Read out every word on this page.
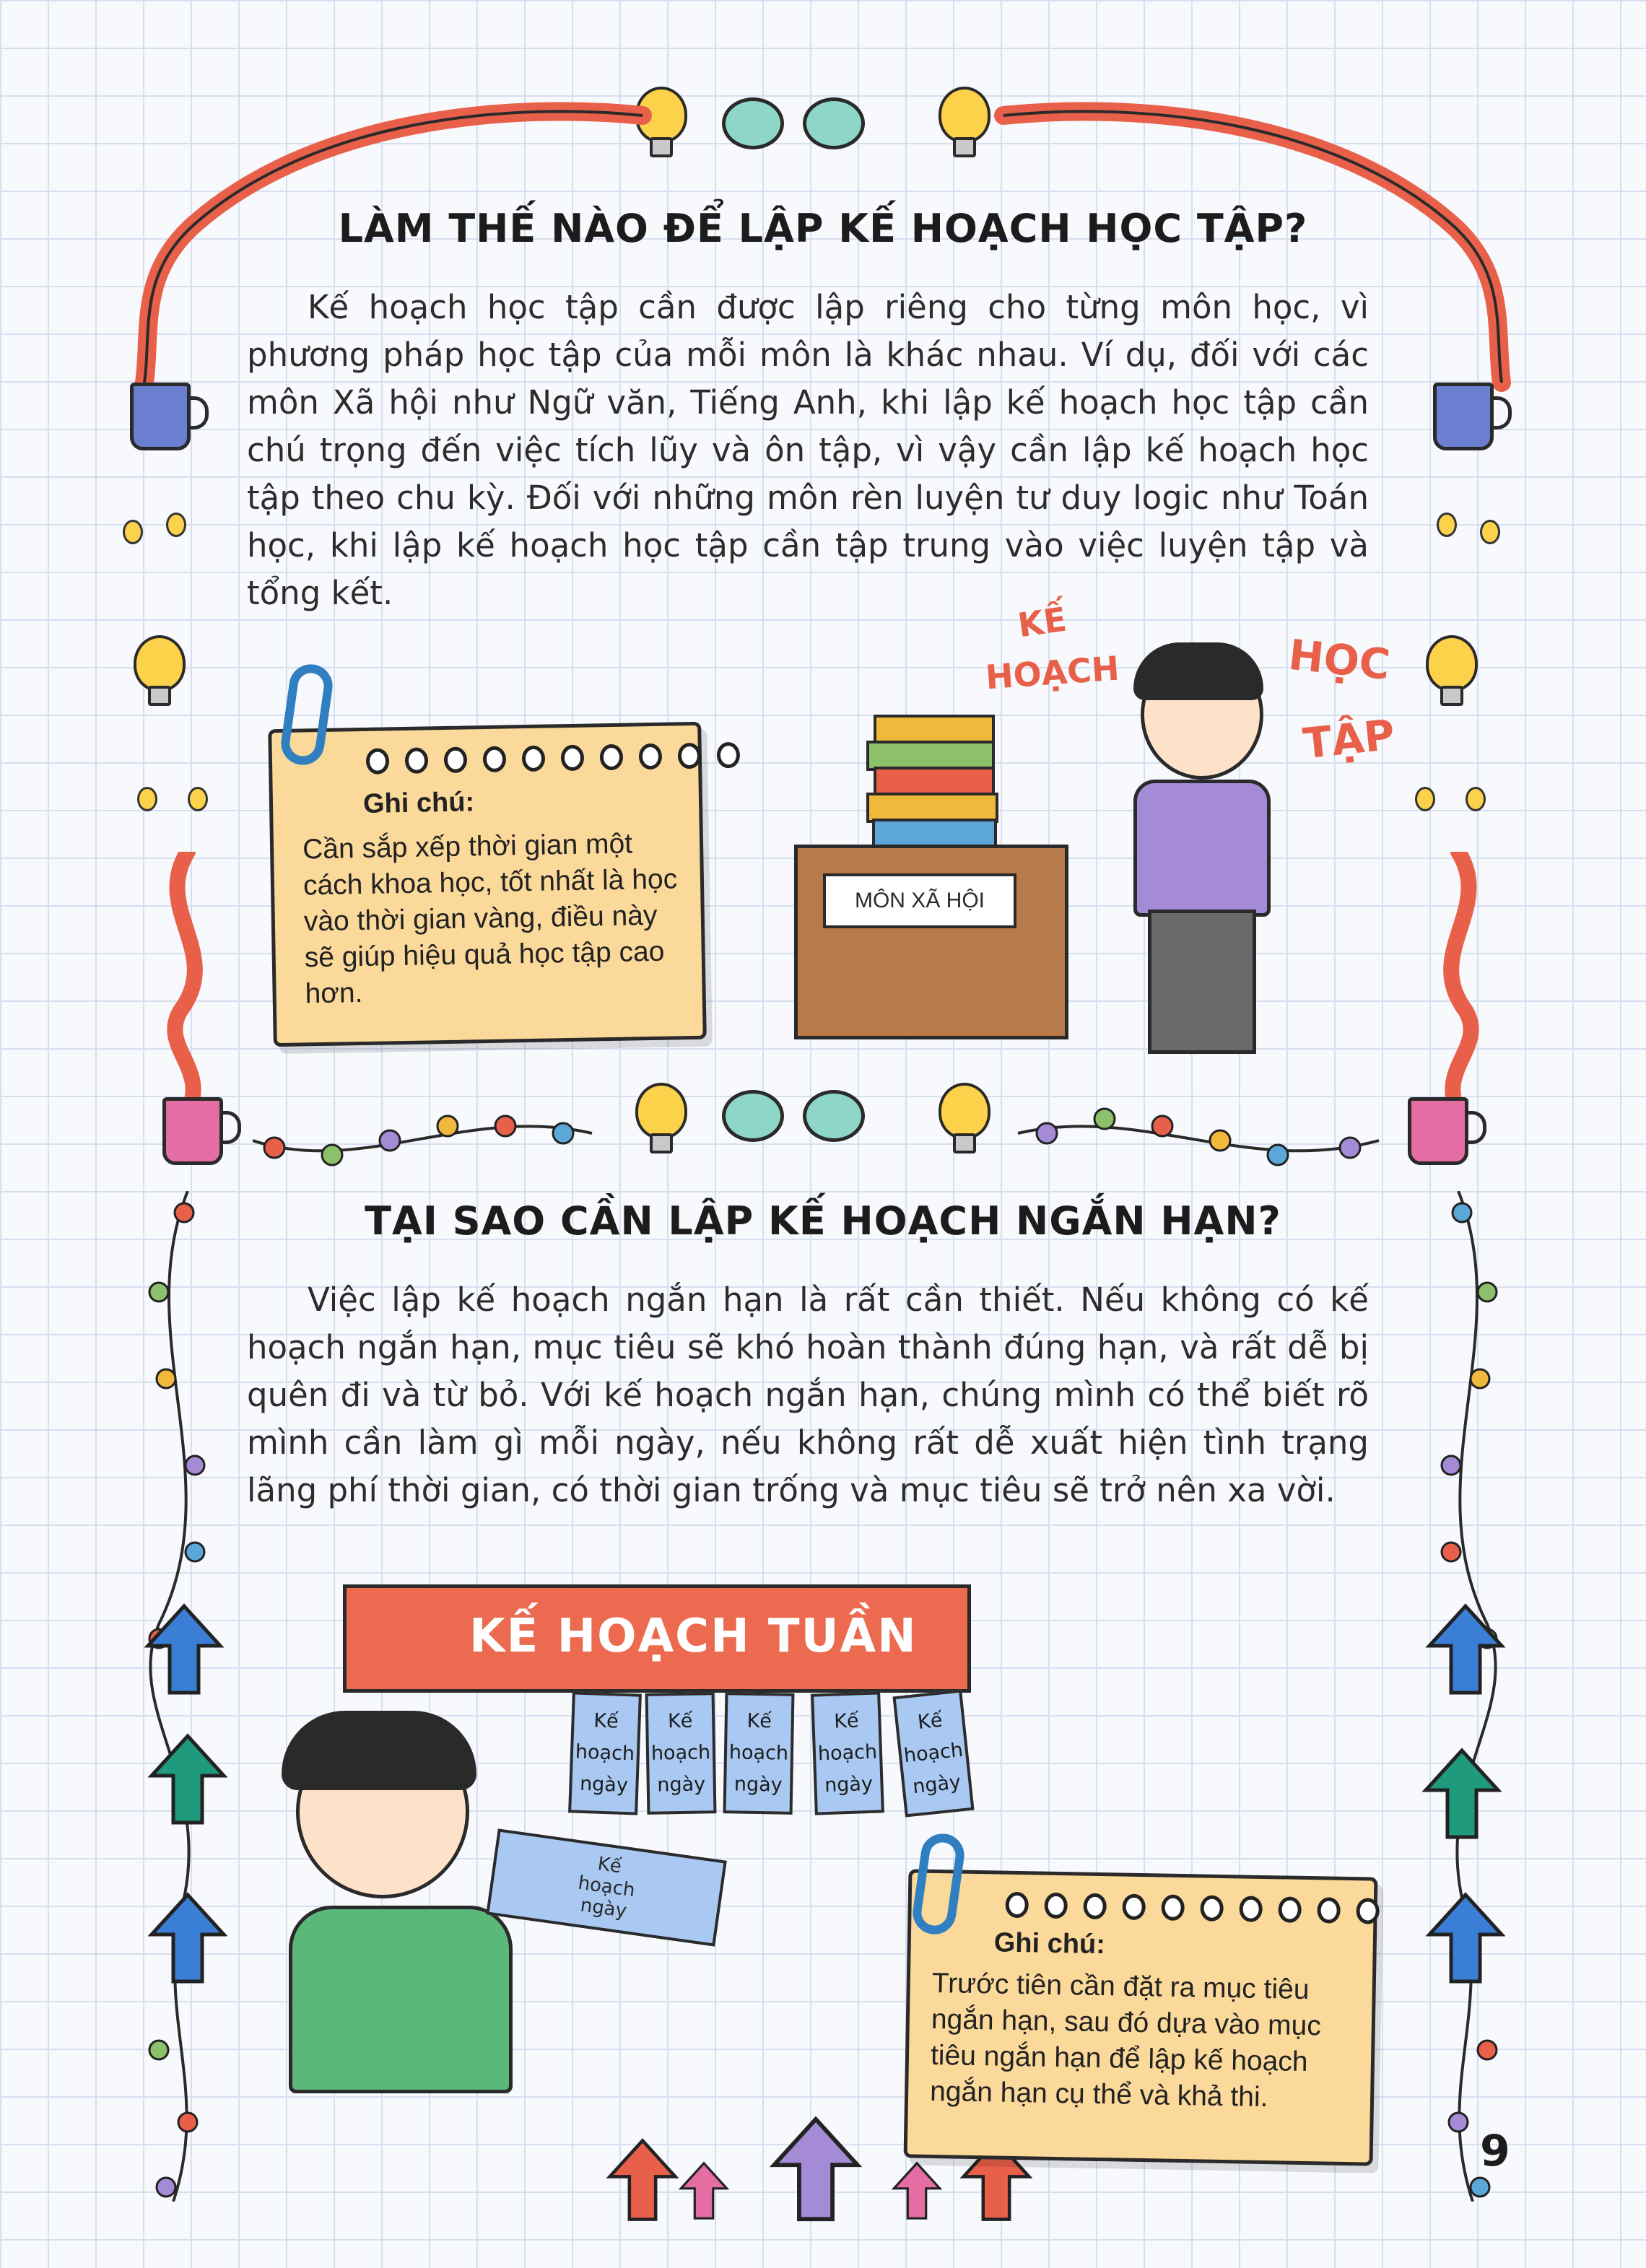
LÀM THẾ NÀO ĐỂ LẬP KẾ HOẠCH HỌC TẬP?
Kế hoạch học tập cần được lập riêng cho từng môn học, vì phương pháp học tập của mỗi môn là khác nhau. Ví dụ, đối với các môn Xã hội như Ngữ văn, Tiếng Anh, khi lập kế hoạch học tập cần chú trọng đến việc tích lũy và ôn tập, vì vậy cần lập kế hoạch học tập theo chu kỳ. Đối với những môn rèn luyện tư duy logic như Toán học, khi lập kế hoạch học tập cần tập trung vào việc luyện tập và tổng kết.
Ghi chú:
Cần sắp xếp thời gian một cách khoa học, tốt nhất là học vào thời gian vàng, điều này sẽ giúp hiệu quả học tập cao hơn.
MÔN XÃ HỘI
KẾ
HOẠCH	HỌC
TẬP
TẠI SAO CẦN LẬP KẾ HOẠCH NGẮN HẠN?
Việc lập kế hoạch ngắn hạn là rất cần thiết. Nếu không có kế hoạch ngắn hạn, mục tiêu sẽ khó hoàn thành đúng hạn, và rất dễ bị quên đi và từ bỏ. Với kế hoạch ngắn hạn, chúng mình có thể biết rõ mình cần làm gì mỗi ngày, nếu không rất dễ xuất hiện tình trạng lãng phí thời gian, có thời gian trống và mục tiêu sẽ trở nên xa vời.
KẾ HOẠCH TUẦN
Kế
hoạch
ngày
Kế
hoạch
ngày
Kế
hoạch
ngày
Kế
hoạch
ngày
Kế
hoạch
ngày
Kế
hoạch
ngày
Ghi chú:
Trước tiên cần đặt ra mục tiêu ngắn hạn, sau đó dựa vào mục tiêu ngắn hạn để lập kế hoạch ngắn hạn cụ thể và khả thi.
9
